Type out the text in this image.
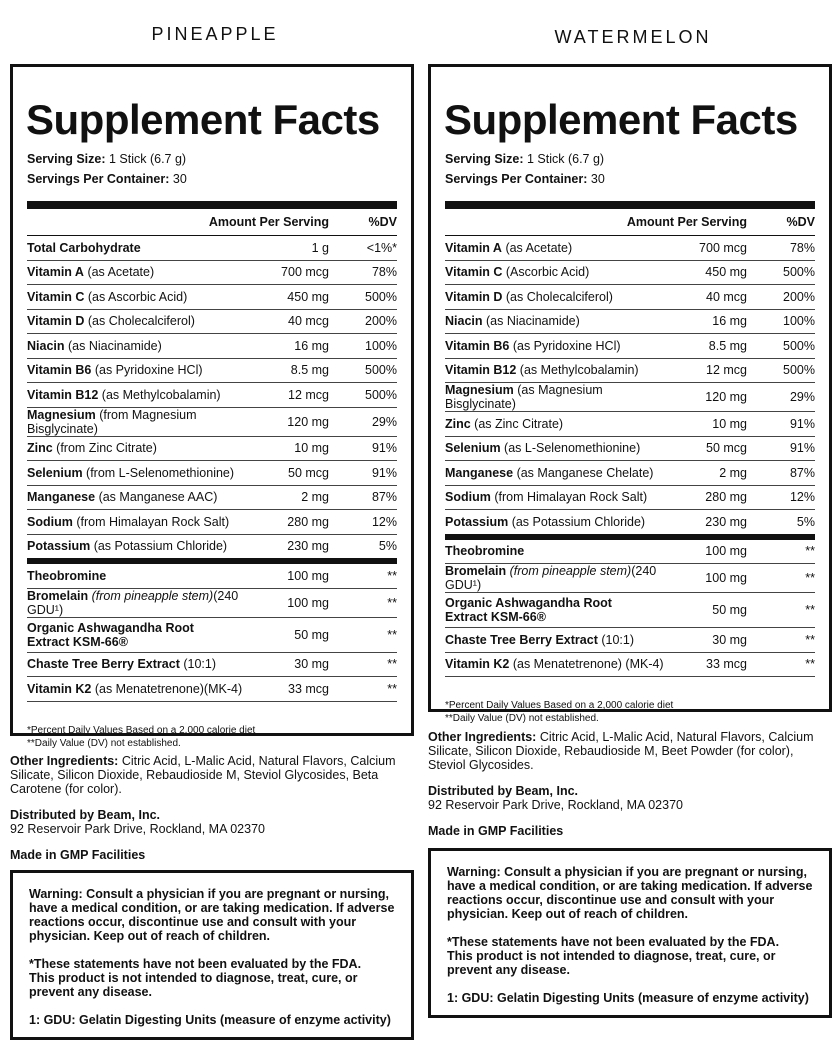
PINEAPPLE
Supplement Facts
Serving Size: 1 Stick (6.7 g)
Servings Per Container: 30
Amount Per Serving	%DV
Total Carbohydrate	1 g	<1%*
Vitamin A (as Acetate)	700 mcg	78%
Vitamin C (as Ascorbic Acid)	450 mg	500%
Vitamin D (as Cholecalciferol)	40 mcg	200%
Niacin (as Niacinamide)	16 mg	100%
Vitamin B6 (as Pyridoxine HCl)	8.5 mg	500%
Vitamin B12 (as Methylcobalamin)	12 mcg	500%
Magnesium (from Magnesium Bisglycinate)	120 mg	29%
Zinc (from Zinc Citrate)	10 mg	91%
Selenium (from L-Selenomethionine)	50 mcg	91%
Manganese (as Manganese AAC)	2 mg	87%
Sodium (from Himalayan Rock Salt)	280 mg	12%
Potassium (as Potassium Chloride)	230 mg	5%
Theobromine	100 mg	**
Bromelain (from pineapple stem)(240 GDU¹)	100 mg	**
Organic Ashwagandha Root Extract KSM-66®	50 mg	**
Chaste Tree Berry Extract (10:1)	30 mg	**
Vitamin K2 (as Menatetrenone)(MK-4)	33 mcg	**
*Percent Daily Values Based on a 2,000 calorie diet
**Daily Value (DV) not established.

Other Ingredients: Citric Acid, L-Malic Acid, Natural Flavors, Calcium Silicate, Silicon Dioxide, Rebaudioside M, Steviol Glycosides, Beta Carotene (for color).

Distributed by Beam, Inc.
92 Reservoir Park Drive, Rockland, MA 02370

Made in GMP Facilities

Warning: Consult a physician if you are pregnant or nursing, have a medical condition, or are taking medication. If adverse reactions occur, discontinue use and consult with your physician. Keep out of reach of children.

*These statements have not been evaluated by the FDA.
This product is not intended to diagnose, treat, cure, or prevent any disease.

1: GDU: Gelatin Digesting Units (measure of enzyme activity)

WATERMELON
Supplement Facts
Serving Size: 1 Stick (6.7 g)
Servings Per Container: 30
Amount Per Serving	%DV
Vitamin A (as Acetate)	700 mcg	78%
Vitamin C (Ascorbic Acid)	450 mg	500%
Vitamin D (as Cholecalciferol)	40 mcg	200%
Niacin (as Niacinamide)	16 mg	100%
Vitamin B6 (as Pyridoxine HCl)	8.5 mg	500%
Vitamin B12 (as Methylcobalamin)	12 mcg	500%
Magnesium (as Magnesium Bisglycinate)	120 mg	29%
Zinc (as Zinc Citrate)	10 mg	91%
Selenium (as L-Selenomethionine)	50 mcg	91%
Manganese (as Manganese Chelate)	2 mg	87%
Sodium (from Himalayan Rock Salt)	280 mg	12%
Potassium (as Potassium Chloride)	230 mg	5%
Theobromine	100 mg	**
Bromelain (from pineapple stem)(240 GDU¹)	100 mg	**
Organic Ashwagandha Root Extract KSM-66®	50 mg	**
Chaste Tree Berry Extract (10:1)	30 mg	**
Vitamin K2 (as Menatetrenone) (MK-4)	33 mcg	**
*Percent Daily Values Based on a 2,000 calorie diet
**Daily Value (DV) not established.

Other Ingredients: Citric Acid, L-Malic Acid, Natural Flavors, Calcium Silicate, Silicon Dioxide, Rebaudioside M, Beet Powder (for color), Steviol Glycosides.

Distributed by Beam, Inc.
92 Reservoir Park Drive, Rockland, MA 02370

Made in GMP Facilities

Warning: Consult a physician if you are pregnant or nursing, have a medical condition, or are taking medication. If adverse reactions occur, discontinue use and consult with your physician. Keep out of reach of children.

*These statements have not been evaluated by the FDA.
This product is not intended to diagnose, treat, cure, or prevent any disease.

1: GDU: Gelatin Digesting Units (measure of enzyme activity)
